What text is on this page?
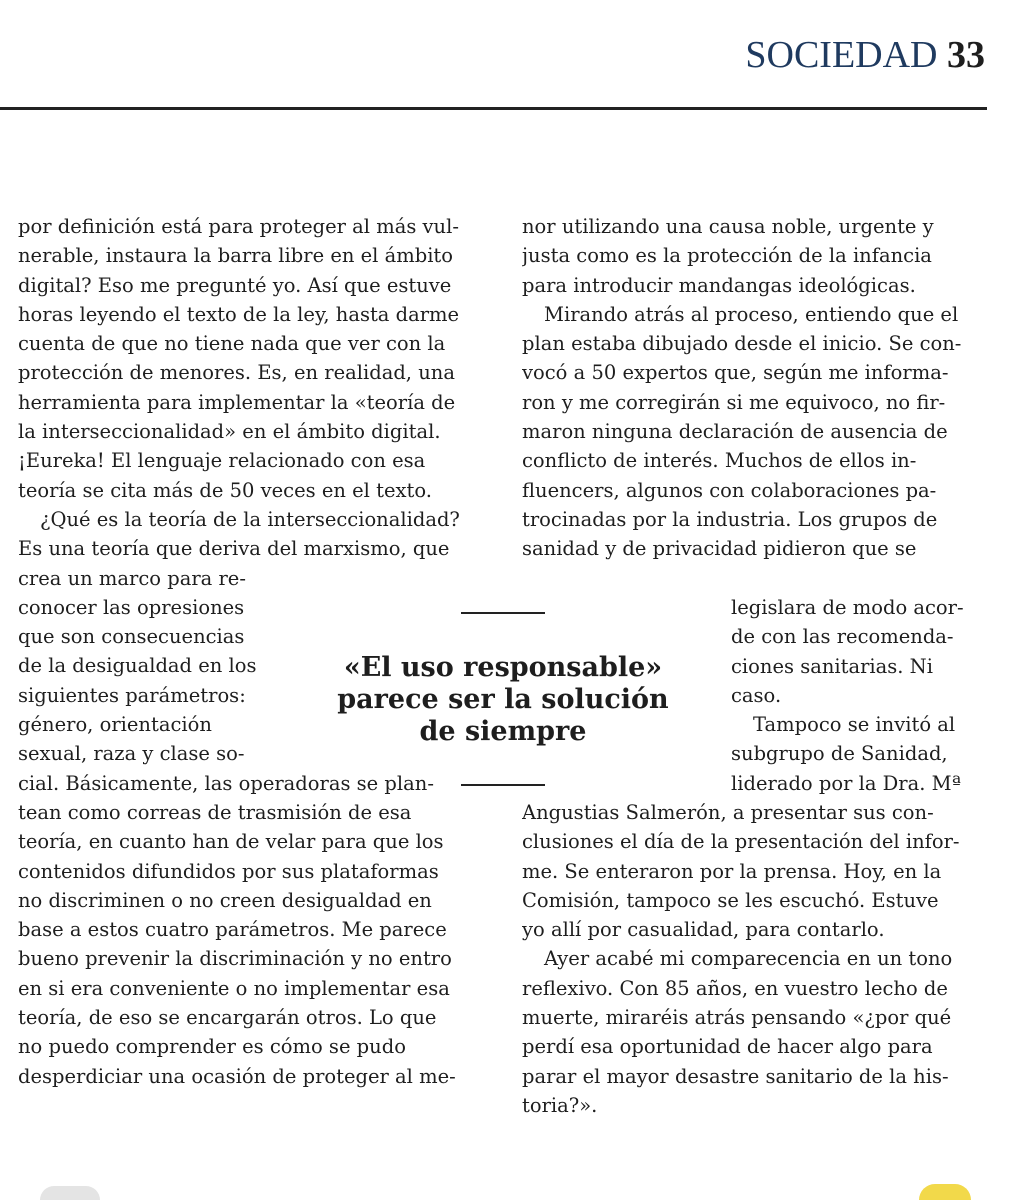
SOCIEDAD 33
por definición está para proteger al más vul-
nerable, instaura la barra libre en el ámbito
digital? Eso me pregunté yo. Así que estuve
horas leyendo el texto de la ley, hasta darme
cuenta de que no tiene nada que ver con la
protección de menores. Es, en realidad, una
herramienta para implementar la «teoría de
la interseccionalidad» en el ámbito digital.
¡Eureka! El lenguaje relacionado con esa
teoría se cita más de 50 veces en el texto.
¿Qué es la teoría de la interseccionalidad?
Es una teoría que deriva del marxismo, que
crea un marco para re-
conocer las opresiones
que son consecuencias
de la desigualdad en los
siguientes parámetros:
género, orientación
sexual, raza y clase so-
cial. Básicamente, las operadoras se plan-
tean como correas de trasmisión de esa
teoría, en cuanto han de velar para que los
contenidos difundidos por sus plataformas
no discriminen o no creen desigualdad en
base a estos cuatro parámetros. Me parece
bueno prevenir la discriminación y no entro
en si era conveniente o no implementar esa
teoría, de eso se encargarán otros. Lo que
no puedo comprender es cómo se pudo
desperdiciar una ocasión de proteger al me-
nor utilizando una causa noble, urgente y
justa como es la protección de la infancia
para introducir mandangas ideológicas.
Mirando atrás al proceso, entiendo que el
plan estaba dibujado desde el inicio. Se con-
vocó a 50 expertos que, según me informa-
ron y me corregirán si me equivoco, no fir-
maron ninguna declaración de ausencia de
conflicto de interés. Muchos de ellos in-
fluencers, algunos con colaboraciones pa-
trocinadas por la industria. Los grupos de
sanidad y de privacidad pidieron que se
«El uso responsable»
parece ser la solución
de siempre
legislara de modo acor-
de con las recomenda-
ciones sanitarias. Ni
caso.
Tampoco se invitó al
subgrupo de Sanidad,
liderado por la Dra. Mª
Angustias Salmerón, a presentar sus con-
clusiones el día de la presentación del infor-
me. Se enteraron por la prensa. Hoy, en la
Comisión, tampoco se les escuchó. Estuve
yo allí por casualidad, para contarlo.
Ayer acabé mi comparecencia en un tono
reflexivo. Con 85 años, en vuestro lecho de
muerte, miraréis atrás pensando «¿por qué
perdí esa oportunidad de hacer algo para
parar el mayor desastre sanitario de la his-
toria?».
